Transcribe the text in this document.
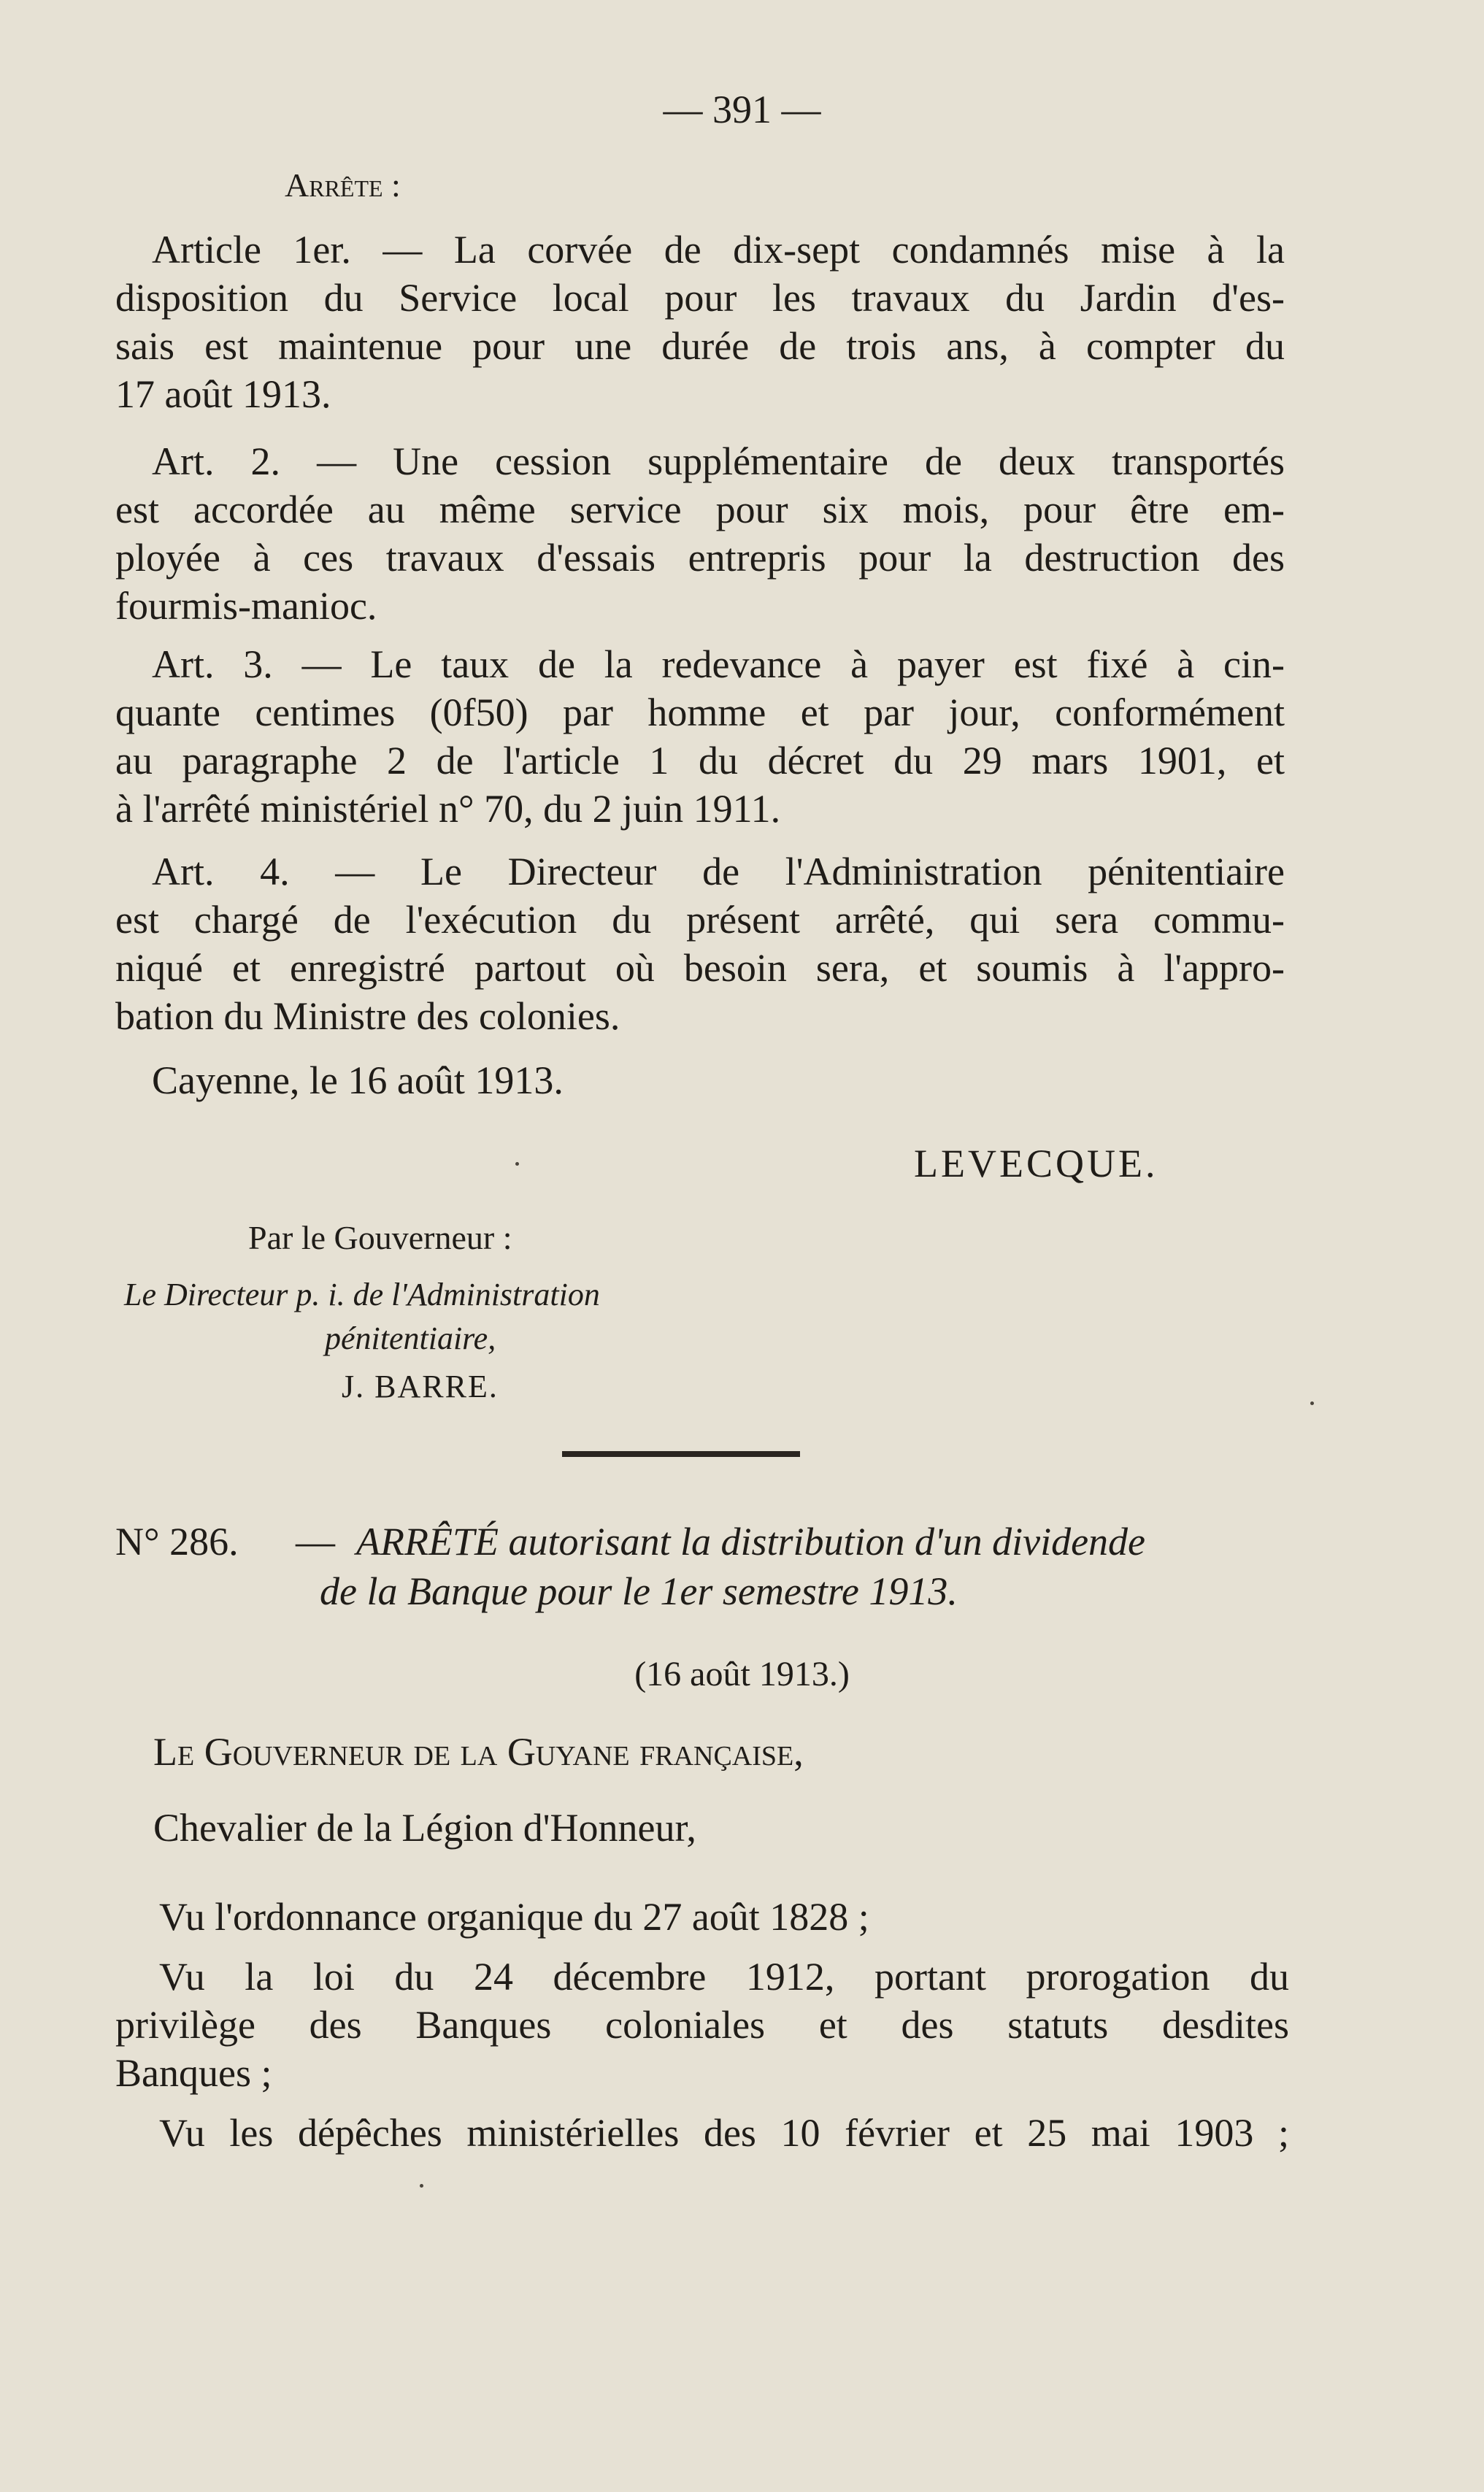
— 391 —
Arrête :
Article 1er. — La corvée de dix-sept condamnés mise à la
disposition du Service local pour les travaux du Jardin d'es-
sais est maintenue pour une durée de trois ans, à compter du
17 août 1913.
Art. 2. — Une cession supplémentaire de deux transportés
est accordée au même service pour six mois, pour être em-
ployée à ces travaux d'essais entrepris pour la destruction des
fourmis-manioc.
Art. 3. — Le taux de la redevance à payer est fixé à cin-
quante centimes (0f50) par homme et par jour, conformément
au paragraphe 2 de l'article 1 du décret du 29 mars 1901, et
à l'arrêté ministériel n° 70, du 2 juin 1911.
Art. 4. — Le Directeur de l'Administration pénitentiaire
est chargé de l'exécution du présent arrêté, qui sera commu-
niqué et enregistré partout où besoin sera, et soumis à l'appro-
bation du Ministre des colonies.
Cayenne, le 16 août 1913.
LEVECQUE.
Par le Gouverneur :
Le Directeur p. i. de l'Administration
pénitentiaire,
J. BARRE.
N° 286. — ARRÊTÉ autorisant la distribution d'un dividende
de la Banque pour le 1er semestre 1913.
(16 août 1913.)
Le Gouverneur de la Guyane française,
Chevalier de la Légion d'Honneur,
Vu l'ordonnance organique du 27 août 1828 ;
Vu la loi du 24 décembre 1912, portant prorogation du
privilège des Banques coloniales et des statuts desdites
Banques ;
Vu les dépêches ministérielles des 10 février et 25 mai 1903 ;
